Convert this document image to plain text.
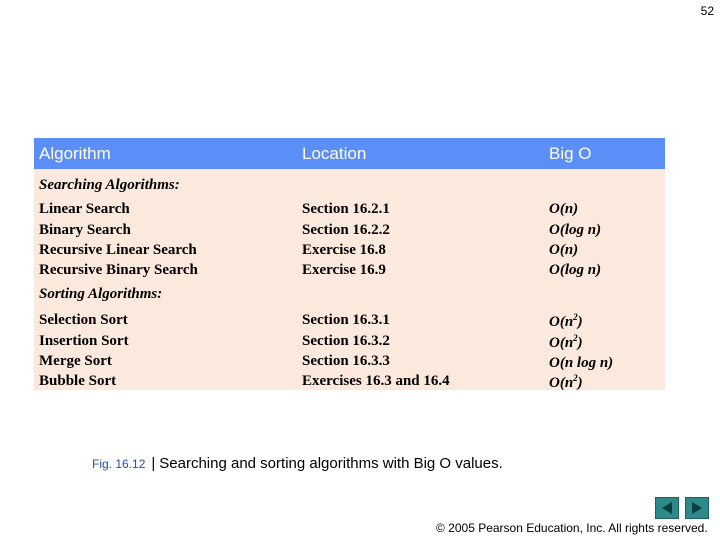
52
Algorithm	Location	Big O
Searching Algorithms:
Linear Search	Section 16.2.1	O(n)
Binary Search	Section 16.2.2	O(log n)
Recursive Linear Search	Exercise 16.8	O(n)
Recursive Binary Search	Exercise 16.9	O(log n)
Sorting Algorithms:
Selection Sort	Section 16.3.1	$O(n^2)$
Insertion Sort	Section 16.3.2	$O(n^2)$
Merge Sort	Section 16.3.3	O(n log n)
Bubble Sort	Exercises 16.3 and 16.4	$O(n^2)$
Fig. 16.12 | Searching and sorting algorithms with Big O values.
© 2005 Pearson Education, Inc. All rights reserved.
